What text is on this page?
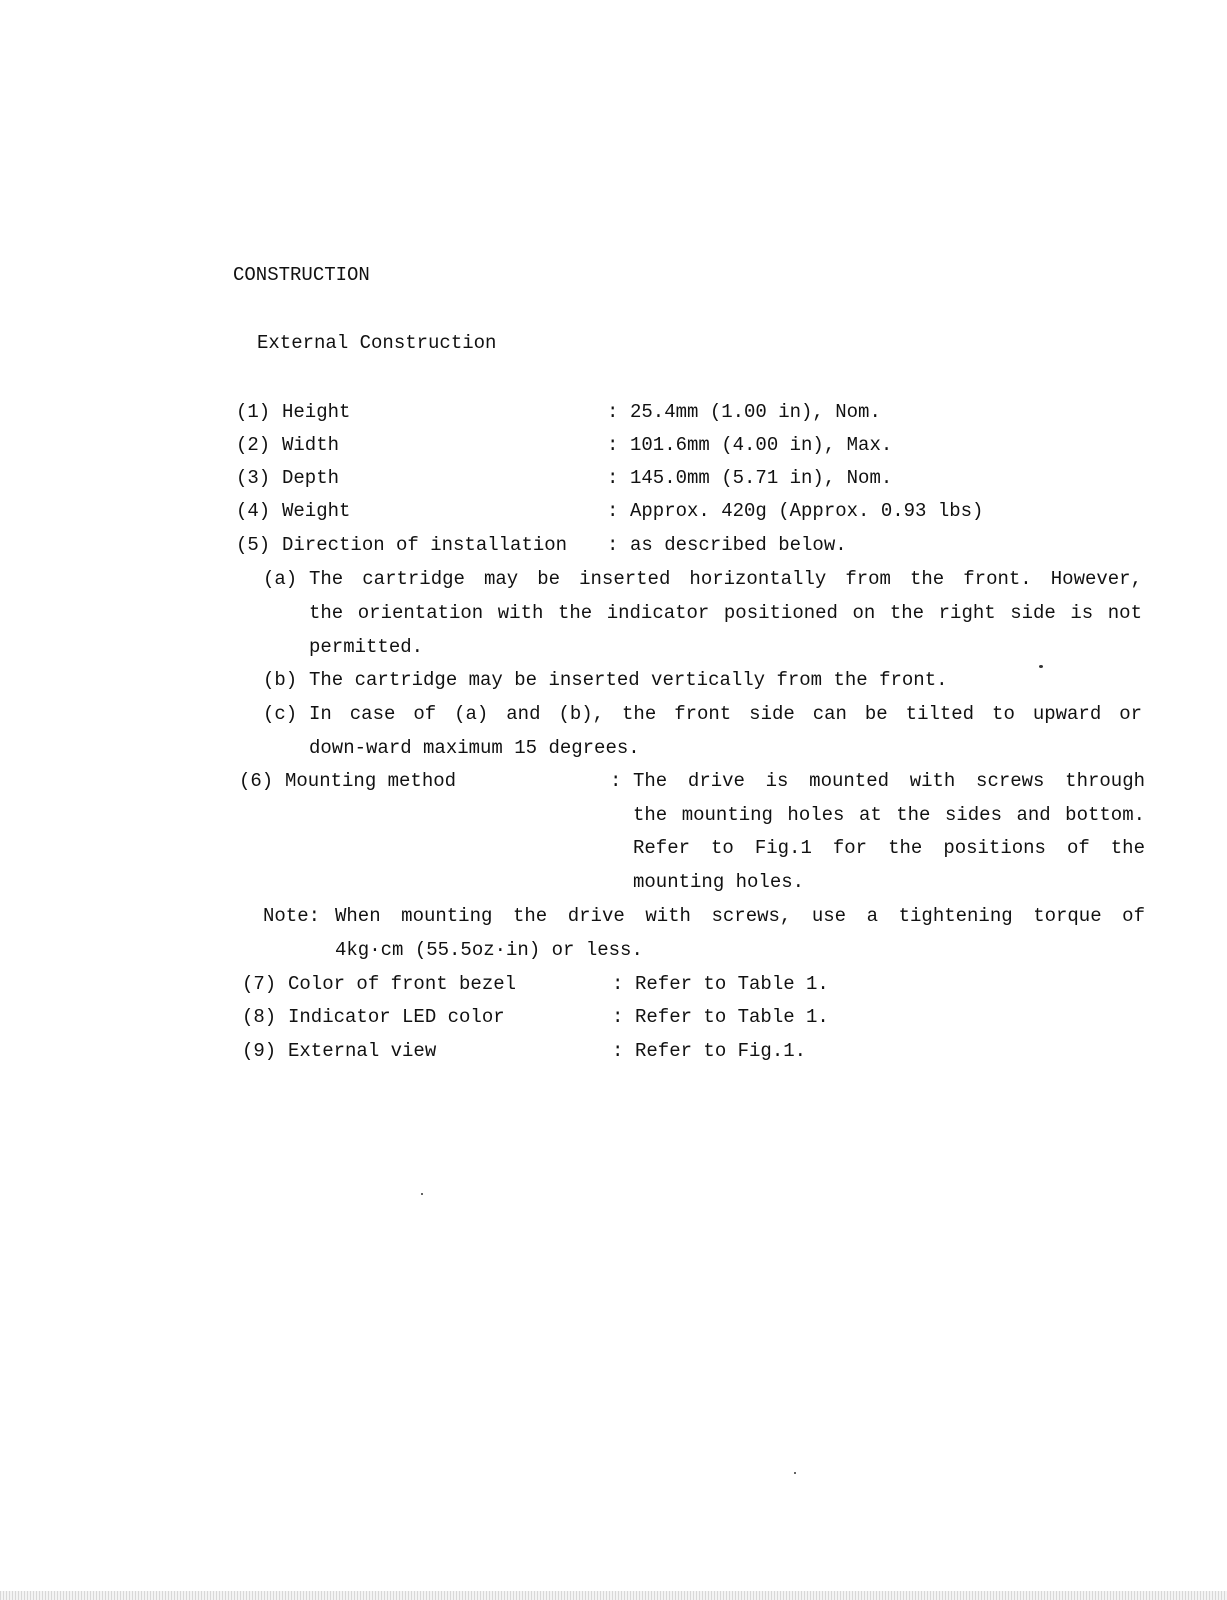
CONSTRUCTION
External Construction
(1) Height	: 25.4mm (1.00 in), Nom.
(2) Width	: 101.6mm (4.00 in), Max.
(3) Depth	: 145.0mm (5.71 in), Nom.
(4) Weight	: Approx. 420g (Approx. 0.93 lbs)
(5) Direction of installation : as described below.
(a) The cartridge may be inserted horizontally from the front. However,
the orientation with the indicator positioned on the right side is not
permitted.
(b) The cartridge may be inserted vertically from the front.
(c) In case of (a) and (b), the front side can be tilted to upward or
down-ward maximum 15 degrees.
(6) Mounting method	: The drive is mounted with screws through
the mounting holes at the sides and bottom.
Refer to Fig.1 for the positions of the
mounting holes.
Note: When mounting the drive with screws, use a tightening torque of
4kg·cm (55.5oz·in) or less.
(7) Color of front bezel	: Refer to Table 1.
(8) Indicator LED color	: Refer to Table 1.
(9) External view	: Refer to Fig.1.
